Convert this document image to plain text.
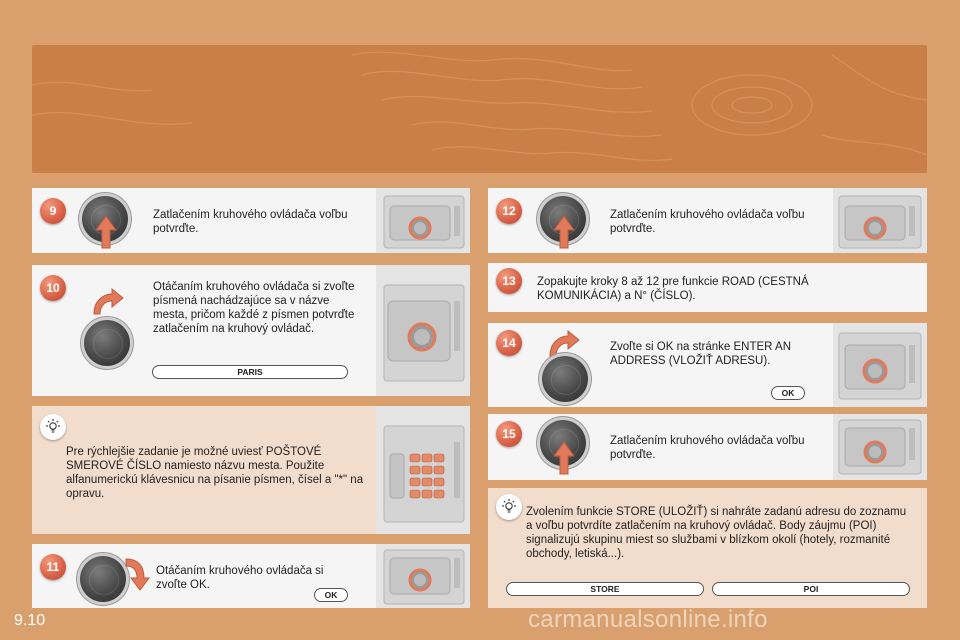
9	Zatlačením kruhového ovládača voľbu potvrďte.
10	Otáčaním kruhového ovládača si zvoľte písmená nachádzajúce sa v názve mesta, pričom každé z písmen potvrďte zatlačením na kruhový ovládač.
PARIS
Pre rýchlejšie zadanie je možné uviesť POŠTOVÉ SMEROVÉ ČÍSLO namiesto názvu mesta. Použite alfanumerickú klávesnicu na písanie písmen, čísel a "*" na opravu.
11	Otáčaním kruhového ovládača si zvoľte OK.
OK
12	Zatlačením kruhového ovládača voľbu potvrďte.
13	Zopakujte kroky 8 až 12 pre funkcie ROAD (CESTNÁ KOMUNIKÁCIA) a N° (ČÍSLO).
14	Zvoľte si OK na stránke ENTER AN ADDRESS (VLOŽIŤ ADRESU).
OK
15	Zatlačením kruhového ovládača voľbu potvrďte.
Zvolením funkcie STORE (ULOŽIŤ) si nahráte zadanú adresu do zoznamu a voľbu potvrdíte zatlačením na kruhový ovládač. Body záujmu (POI) signalizujú skupinu miest so službami v blízkom okolí (hotely, rozmanité obchody, letiská...).
STORE	POI
9.10	carmanualsonline.info
